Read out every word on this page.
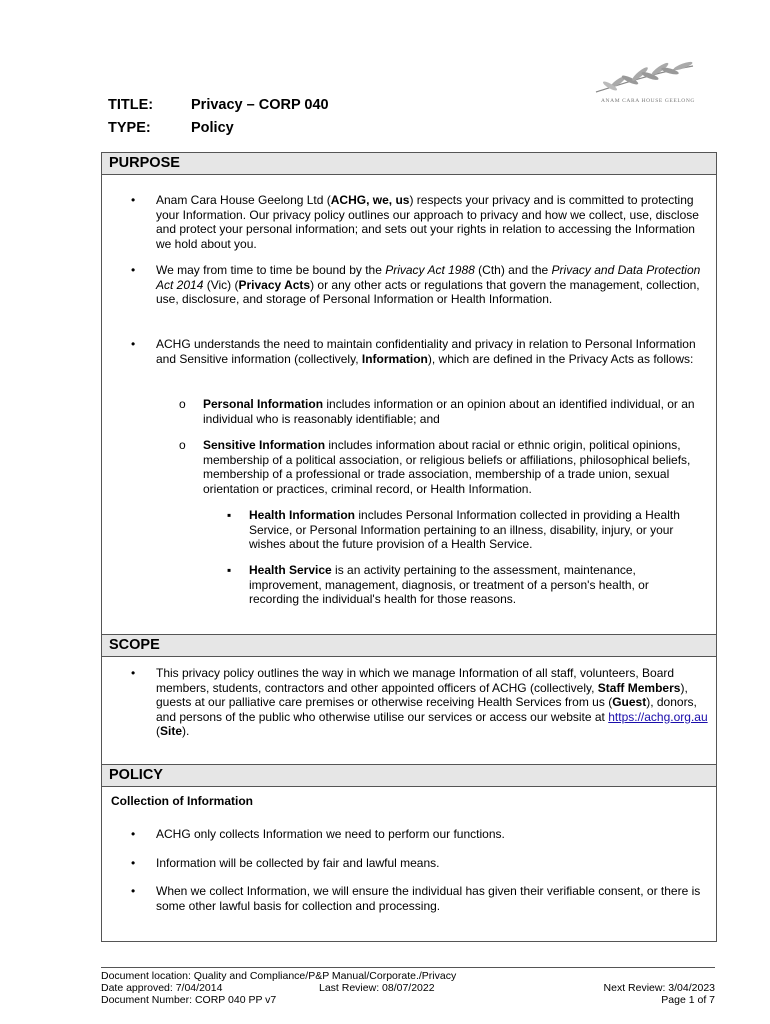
ANAM CARA HOUSE GEELONG
TITLE:	Privacy – CORP 040
TYPE:	Policy
PURPOSE
• Anam Cara House Geelong Ltd (ACHG, we, us) respects your privacy and is committed to protecting your Information. Our privacy policy outlines our approach to privacy and how we collect, use, disclose and protect your personal information; and sets out your rights in relation to accessing the Information we hold about you.
• We may from time to time be bound by the Privacy Act 1988 (Cth) and the Privacy and Data Protection Act 2014 (Vic) (Privacy Acts) or any other acts or regulations that govern the management, collection, use, disclosure, and storage of Personal Information or Health Information.
• ACHG understands the need to maintain confidentiality and privacy in relation to Personal Information and Sensitive information (collectively, Information), which are defined in the Privacy Acts as follows:
o Personal Information includes information or an opinion about an identified individual, or an individual who is reasonably identifiable; and
o Sensitive Information includes information about racial or ethnic origin, political opinions, membership of a political association, or religious beliefs or affiliations, philosophical beliefs, membership of a professional or trade association, membership of a trade union, sexual orientation or practices, criminal record, or Health Information.
▪ Health Information includes Personal Information collected in providing a Health Service, or Personal Information pertaining to an illness, disability, injury, or your wishes about the future provision of a Health Service.
▪ Health Service is an activity pertaining to the assessment, maintenance, improvement, management, diagnosis, or treatment of a person's health, or recording the individual's health for those reasons.
SCOPE
• This privacy policy outlines the way in which we manage Information of all staff, volunteers, Board members, students, contractors and other appointed officers of ACHG (collectively, Staff Members), guests at our palliative care premises or otherwise receiving Health Services from us (Guest), donors, and persons of the public who otherwise utilise our services or access our website at https://achg.org.au (Site).
POLICY
Collection of Information
• ACHG only collects Information we need to perform our functions.
• Information will be collected by fair and lawful means.
• When we collect Information, we will ensure the individual has given their verifiable consent, or there is some other lawful basis for collection and processing.
Document location: Quality and Compliance/P&P Manual/Corporate./Privacy
Date approved: 7/04/2014	Last Review: 08/07/2022	Next Review: 3/04/2023
Document Number: CORP 040 PP v7	Page 1 of 7
